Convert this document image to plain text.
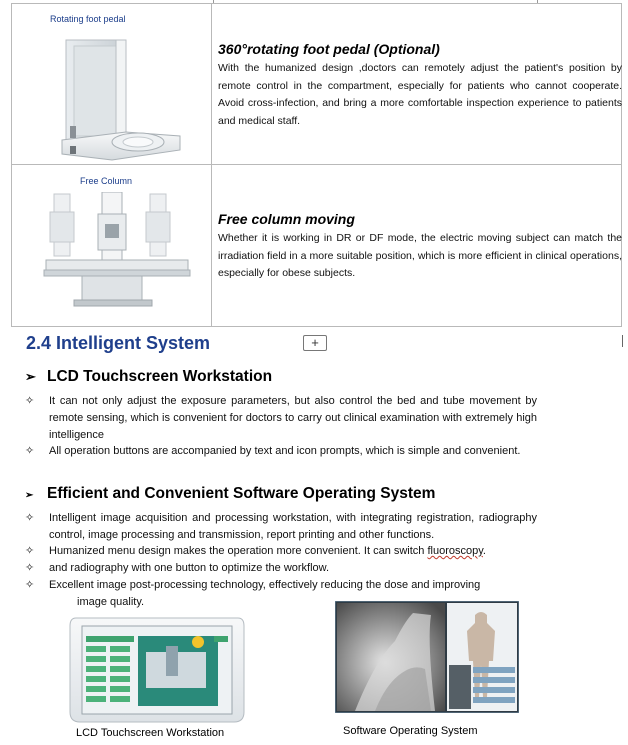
Rotating foot pedal
360°rotating foot pedal (Optional)
With the humanized design ,doctors can remotely adjust the patient's position by remote control in the compartment, especially for patients who cannot cooperate. Avoid cross-infection, and bring a more comfortable inspection experience to patients and medical staff.
Free Column
Free column moving
Whether it is working in DR or DF mode, the electric moving subject can match the irradiation field in a more suitable position, which is more efficient in clinical operations, especially for obese subjects.
2.4 Intelligent System	+
➢ LCD Touchscreen Workstation
✧	It can not only adjust the exposure parameters, but also control the bed and tube movement by remote sensing, which is convenient for doctors to carry out clinical examination with extremely high intelligence
✧	All operation buttons are accompanied by text and icon prompts, which is simple and convenient.
➢ Efficient and Convenient Software Operating System
✧	Intelligent image acquisition and processing workstation, with integrating registration, radiography control, image processing and transmission, report printing and other functions.
✧	Humanized menu design makes the operation more convenient. It can switch fluoroscopy.
✧	and radiography with one button to optimize the workflow.
✧	Excellent image post-processing technology, effectively reducing the dose and improving
image quality.
LCD Touchscreen Workstation	Software Operating System
